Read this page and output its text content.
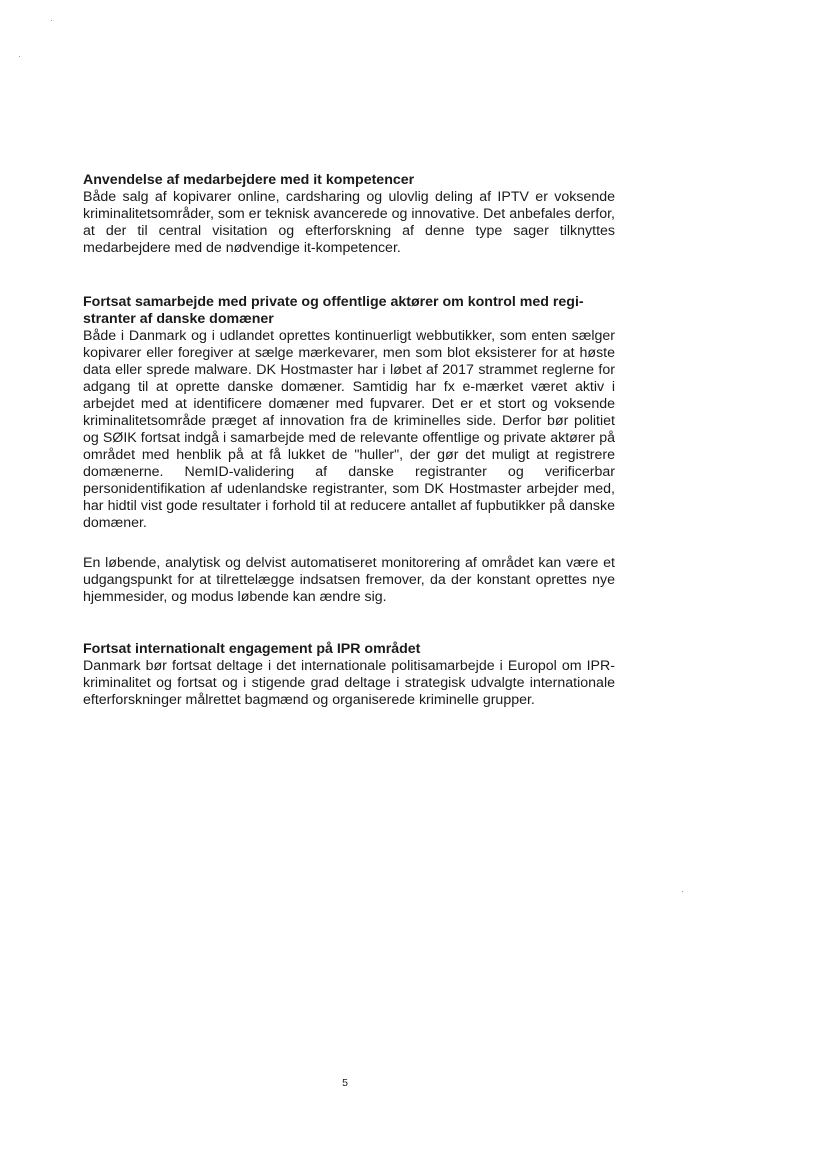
Anvendelse af medarbejdere med it kompetencer

Både salg af kopivarer online, cardsharing og ulovlig deling af IPTV er voksende kriminalitetsområder, som er teknisk avancerede og innovative. Det anbefales derfor, at der til central visitation og efterforskning af denne type sager tilknyttes medarbejdere med de nødvendige it-kompetencer.

Fortsat samarbejde med private og offentlige aktører om kontrol med registranter af danske domæner

Både i Danmark og i udlandet oprettes kontinuerligt webbutikker, som enten sælger kopivarer eller foregiver at sælge mærkevarer, men som blot eksisterer for at høste data eller sprede malware. DK Hostmaster har i løbet af 2017 strammet reglerne for adgang til at oprette danske domæner. Samtidig har fx e-mærket været aktiv i arbejdet med at identificere domæner med fupvarer. Det er et stort og voksende kriminalitetsområde præget af innovation fra de kriminelles side. Derfor bør politiet og SØIK fortsat indgå i samarbejde med de relevante offentlige og private aktører på området med henblik på at få lukket de "huller", der gør det muligt at registrere domænerne. NemID-validering af danske registranter og verificerbar personidentifikation af udenlandske registranter, som DK Hostmaster arbejder med, har hidtil vist gode resultater i forhold til at reducere antallet af fupbutikker på danske domæner.

En løbende, analytisk og delvist automatiseret monitorering af området kan være et udgangspunkt for at tilrettelægge indsatsen fremover, da der konstant oprettes nye hjemmesider, og modus løbende kan ændre sig.

Fortsat internationalt engagement på IPR området

Danmark bør fortsat deltage i det internationale politisamarbejde i Europol om IPR-kriminalitet og fortsat og i stigende grad deltage i strategisk udvalgte internationale efterforskninger målrettet bagmænd og organiserede kriminelle grupper.

5
